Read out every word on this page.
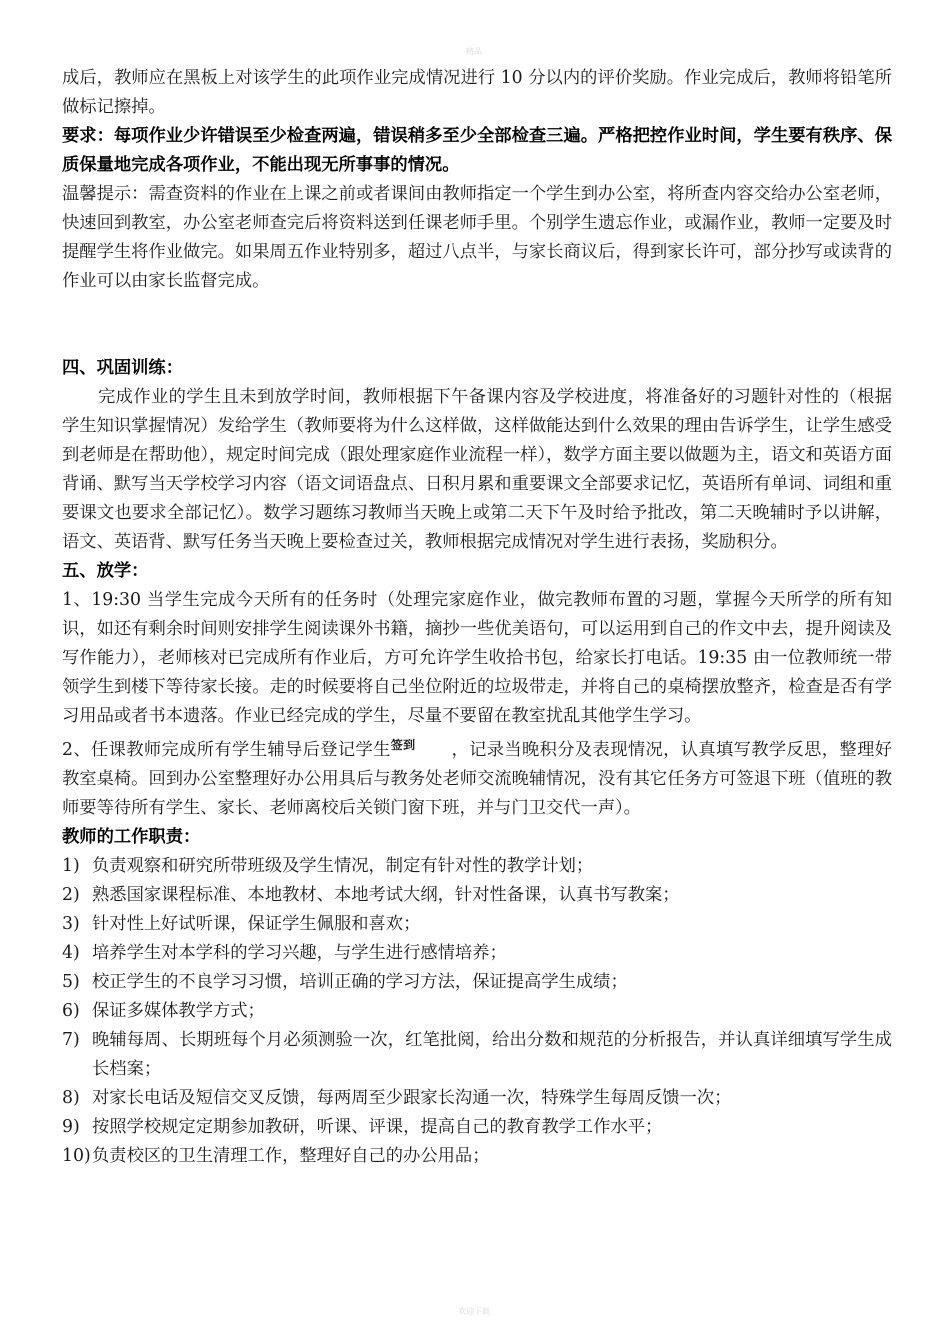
精品

成后，教师应在黑板上对该学生的此项作业完成情况进行 10 分以内的评价奖励。作业完成后，教师将铅笔所做标记擦掉。

要求：每项作业少许错误至少检查两遍，错误稍多至少全部检查三遍。严格把控作业时间，学生要有秩序、保质保量地完成各项作业，不能出现无所事事的情况。

温馨提示：需查资料的作业在上课之前或者课间由教师指定一个学生到办公室，将所查内容交给办公室老师，快速回到教室，办公室老师查完后将资料送到任课老师手里。个别学生遗忘作业，或漏作业，教师一定要及时提醒学生将作业做完。如果周五作业特别多，超过八点半，与家长商议后，得到家长许可，部分抄写或读背的作业可以由家长监督完成。

四、巩固训练：

完成作业的学生且未到放学时间，教师根据下午备课内容及学校进度，将准备好的习题针对性的（根据学生知识掌握情况）发给学生（教师要将为什么这样做，这样做能达到什么效果的理由告诉学生，让学生感受到老师是在帮助他），规定时间完成（跟处理家庭作业流程一样），数学方面主要以做题为主，语文和英语方面背诵、默写当天学校学习内容（语文词语盘点、日积月累和重要课文全部要求记忆，英语所有单词、词组和重要课文也要求全部记忆）。数学习题练习教师当天晚上或第二天下午及时给予批改，第二天晚辅时予以讲解，语文、英语背、默写任务当天晚上要检查过关，教师根据完成情况对学生进行表扬，奖励积分。

五、放学：

1、19:30 当学生完成今天所有的任务时（处理完家庭作业，做完教师布置的习题，掌握今天所学的所有知识，如还有剩余时间则安排学生阅读课外书籍，摘抄一些优美语句，可以运用到自己的作文中去，提升阅读及写作能力），老师核对已完成所有作业后，方可允许学生收拾书包，给家长打电话。19:35 由一位教师统一带领学生到楼下等待家长接。走的时候要将自己坐位附近的垃圾带走，并将自己的桌椅摆放整齐，检查是否有学习用品或者书本遗落。作业已经完成的学生，尽量不要留在教室扰乱其他学生学习。

2、任课教师完成所有学生辅导后登记学生$^{签到}$ ，记录当晚积分及表现情况，认真填写教学反思，整理好教室桌椅。回到办公室整理好办公用具后与教务处老师交流晚辅情况，没有其它任务方可签退下班（值班的教师要等待所有学生、家长、老师离校后关锁门窗下班，并与门卫交代一声）。

教师的工作职责：

1) 负责观察和研究所带班级及学生情况，制定有针对性的教学计划；
2) 熟悉国家课程标准、本地教材、本地考试大纲，针对性备课，认真书写教案；
3) 针对性上好试听课，保证学生佩服和喜欢；
4) 培养学生对本学科的学习兴趣，与学生进行感情培养；
5) 校正学生的不良学习习惯，培训正确的学习方法，保证提高学生成绩；
6) 保证多媒体教学方式；
7) 晚辅每周、长期班每个月必须测验一次，红笔批阅，给出分数和规范的分析报告，并认真详细填写学生成长档案；
8) 对家长电话及短信交叉反馈，每两周至少跟家长沟通一次，特殊学生每周反馈一次；
9) 按照学校规定定期参加教研，听课、评课，提高自己的教育教学工作水平；
10) 负责校区的卫生清理工作，整理好自己的办公用品；
欢迎下载
